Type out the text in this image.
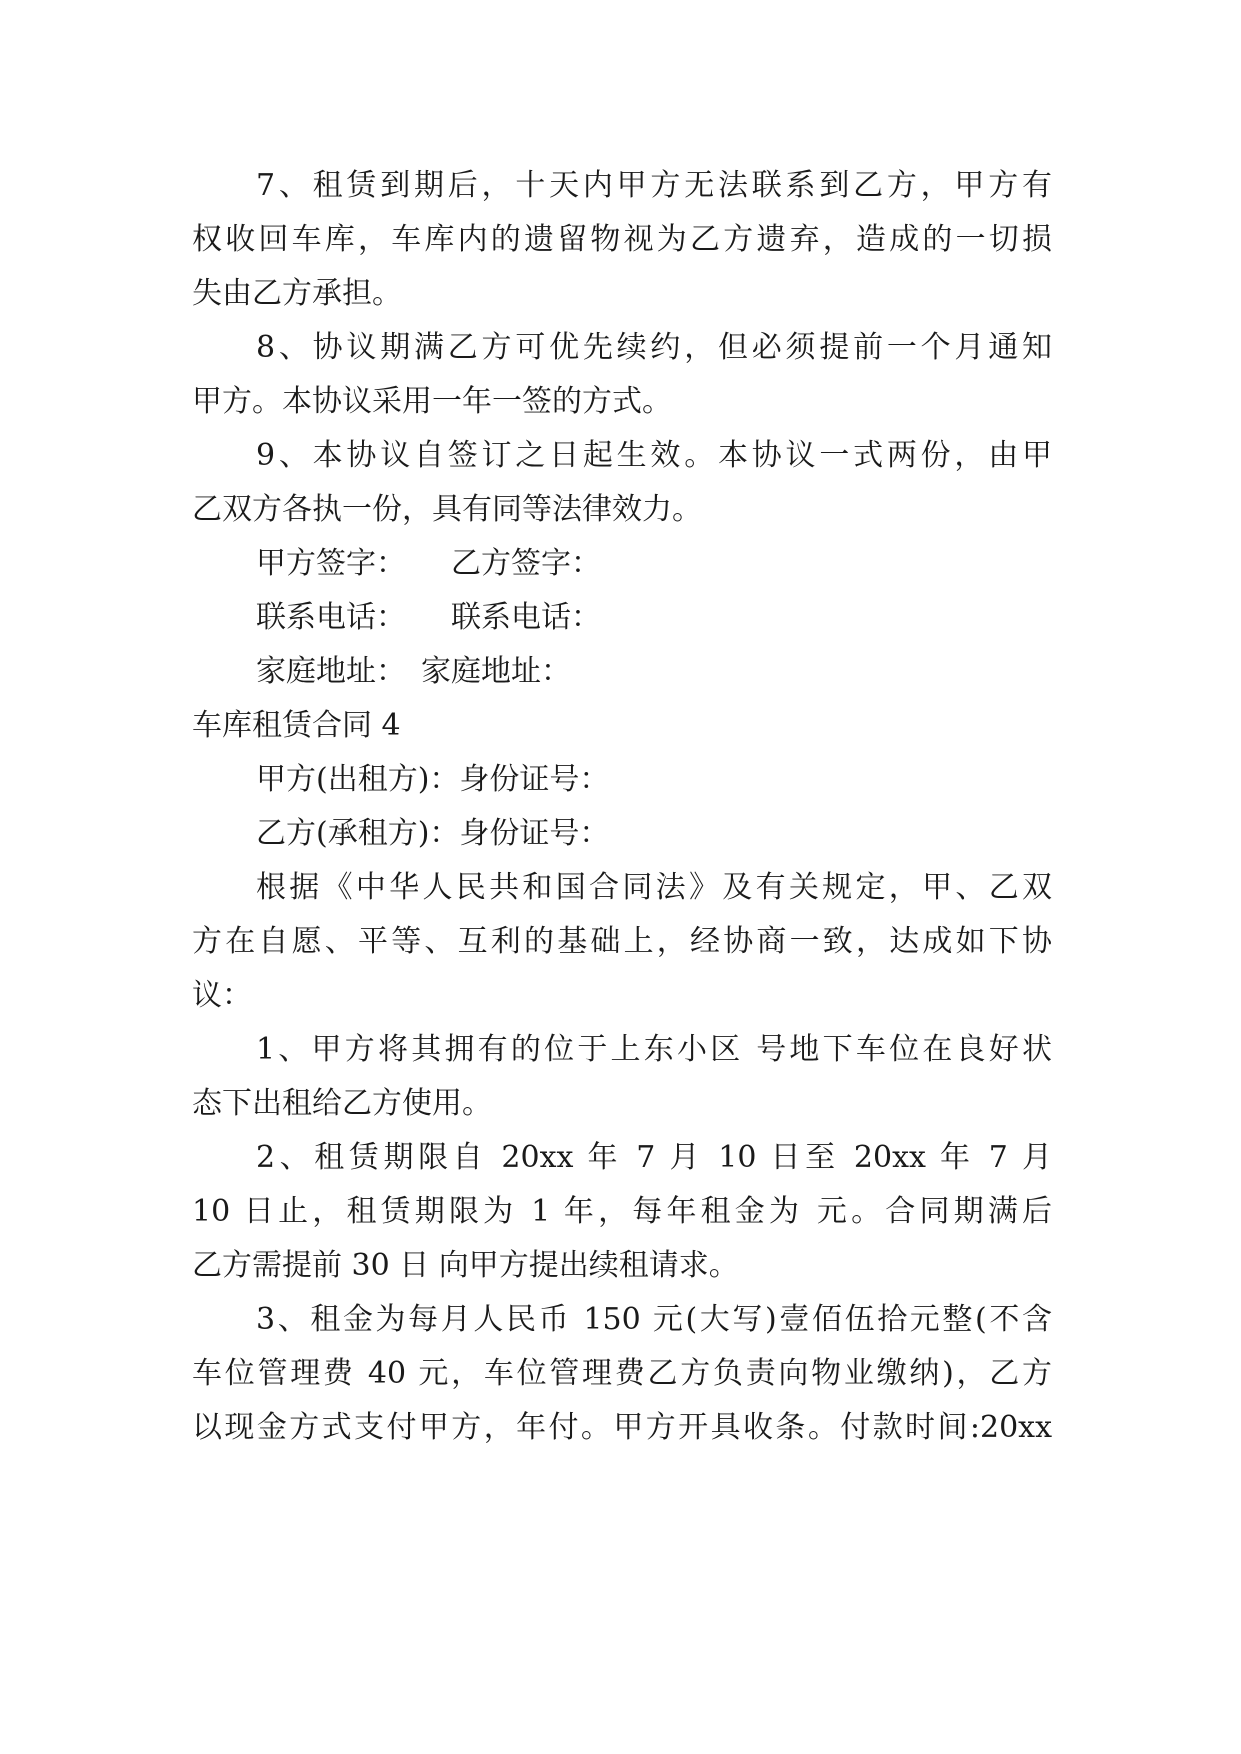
7、租赁到期后，十天内甲方无法联系到乙方，甲方有
权收回车库，车库内的遗留物视为乙方遗弃，造成的一切损
失由乙方承担。
8、协议期满乙方可优先续约，但必须提前一个月通知
甲方。本协议采用一年一签的方式。
9、本协议自签订之日起生效。本协议一式两份，由甲
乙双方各执一份，具有同等法律效力。
甲方签字：　　乙方签字：
联系电话：　　联系电话：
家庭地址：　家庭地址：
车库租赁合同 4
甲方(出租方)：身份证号：
乙方(承租方)：身份证号：
根据《中华人民共和国合同法》及有关规定，甲、乙双
方在自愿、平等、互利的基础上，经协商一致，达成如下协
议：
1、甲方将其拥有的位于上东小区 号地下车位在良好状
态下出租给乙方使用。
2、租赁期限自 20xx 年 7 月 10 日至 20xx 年 7 月
10 日止，租赁期限为 1 年，每年租金为 元。合同期满后
乙方需提前 30 日 向甲方提出续租请求。
3、租金为每月人民币 150 元(大写)壹佰伍拾元整(不含
车位管理费 40 元，车位管理费乙方负责向物业缴纳)，乙方
以现金方式支付甲方，年付。甲方开具收条。付款时间:20xx
